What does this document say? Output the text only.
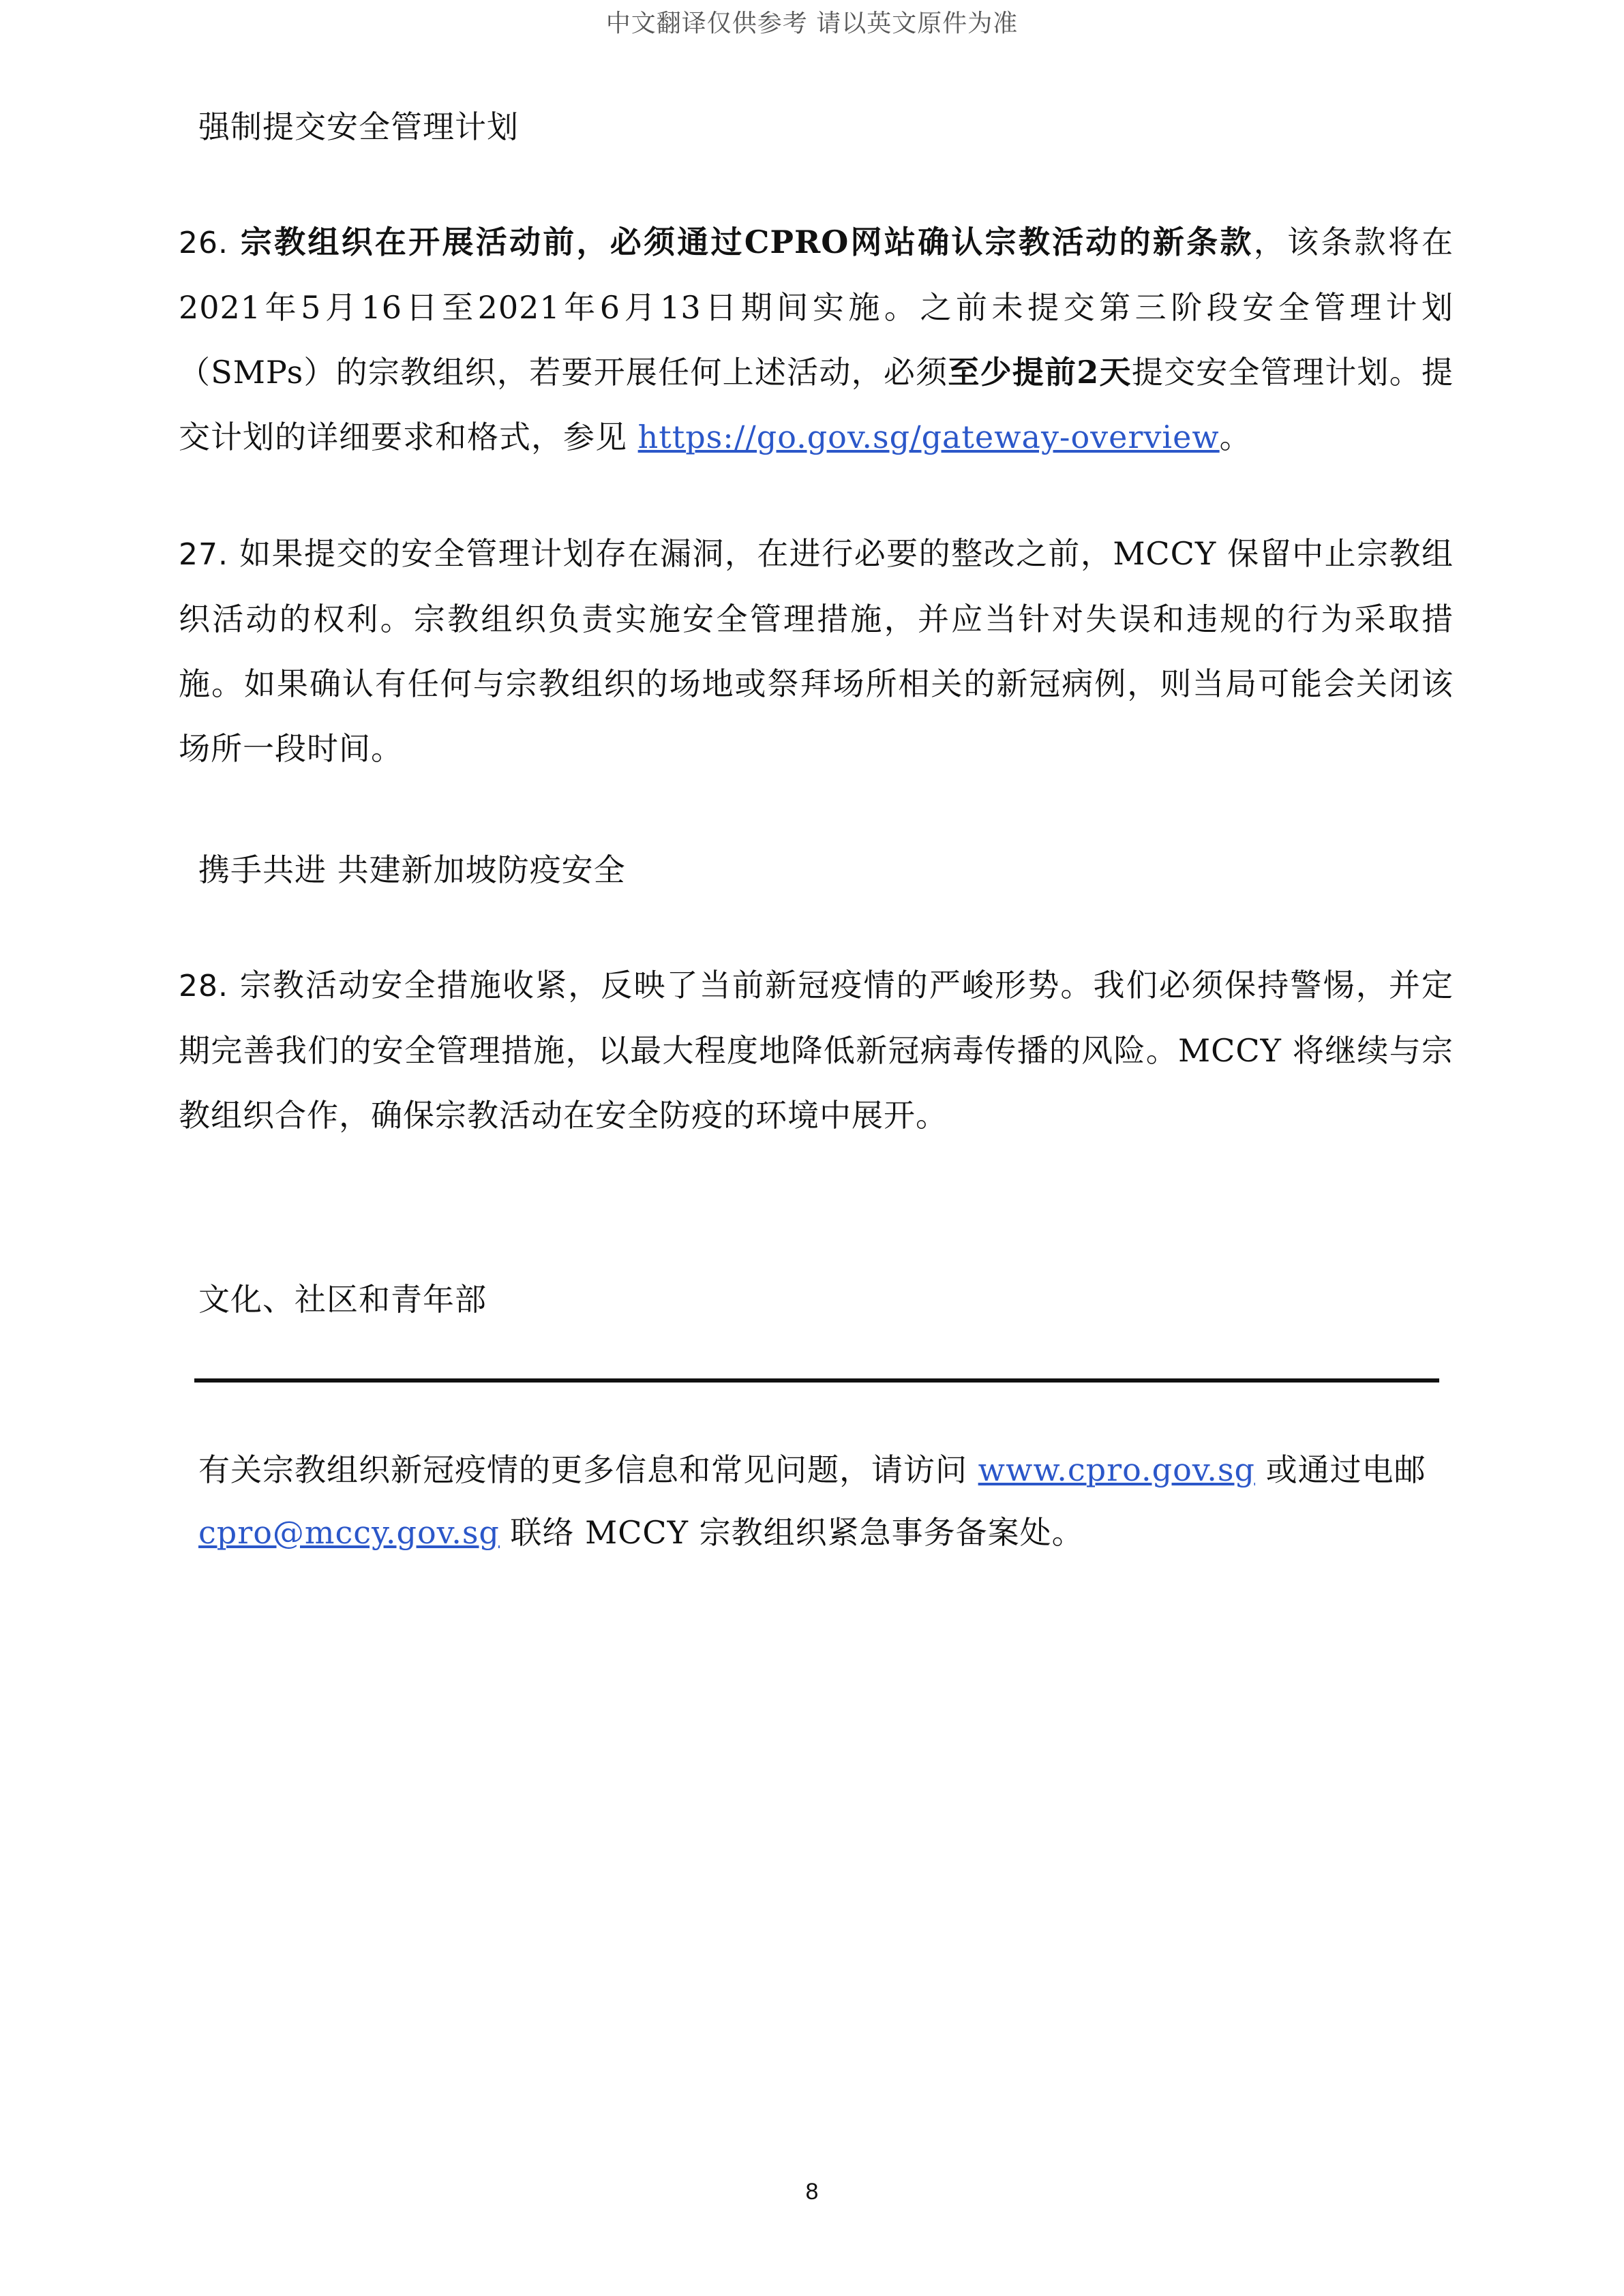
中文翻译仅供参考 请以英文原件为准
强制提交安全管理计划
26. 宗教组织在开展活动前，必须通过CPRO网站确认宗教活动的新条款，该条款将在2021年5月16日至2021年6月13日期间实施。之前未提交第三阶段安全管理计划（SMPs）的宗教组织，若要开展任何上述活动，必须至少提前2天提交安全管理计划。提交计划的详细要求和格式，参见 https://go.gov.sg/gateway-overview。
27. 如果提交的安全管理计划存在漏洞，在进行必要的整改之前，MCCY 保留中止宗教组织活动的权利。宗教组织负责实施安全管理措施，并应当针对失误和违规的行为采取措施。如果确认有任何与宗教组织的场地或祭拜场所相关的新冠病例，则当局可能会关闭该场所一段时间。
携手共进 共建新加坡防疫安全
28. 宗教活动安全措施收紧，反映了当前新冠疫情的严峻形势。我们必须保持警惕，并定期完善我们的安全管理措施，以最大程度地降低新冠病毒传播的风险。MCCY 将继续与宗教组织合作，确保宗教活动在安全防疫的环境中展开。
文化、社区和青年部
有关宗教组织新冠疫情的更多信息和常见问题，请访问 www.cpro.gov.sg 或通过电邮
cpro@mccy.gov.sg 联络 MCCY 宗教组织紧急事务备案处。
8
